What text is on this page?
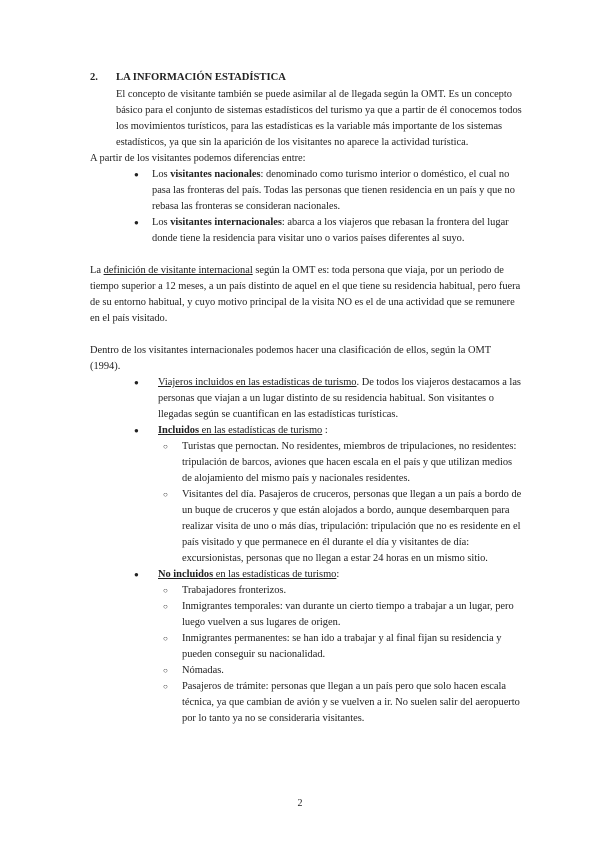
2. LA INFORMACIÓN ESTADÍSTICA

El concepto de visitante también se puede asimilar al de llegada según la OMT. Es un concepto básico para el conjunto de sistemas estadísticos del turismo ya que a partir de él conocemos todos los movimientos turísticos, para las estadísticas es la variable más importante de los sistemas estadísticos, ya que sin la aparición de los visitantes no aparece la actividad turística.

A partir de los visitantes podemos diferencias entre:

● Los visitantes nacionales: denominado como turismo interior o doméstico, el cual no pasa las fronteras del país. Todas las personas que tienen residencia en un país y que no rebasa las fronteras se consideran nacionales.
● Los visitantes internacionales: abarca a los viajeros que rebasan la frontera del lugar donde tiene la residencia para visitar uno o varios países diferentes al suyo.

La definición de visitante internacional según la OMT es: toda persona que viaja, por un periodo de tiempo superior a 12 meses, a un país distinto de aquel en el que tiene su residencia habitual, pero fuera de su entorno habitual, y cuyo motivo principal de la visita NO es el de una actividad que se remunere en el país visitado.

Dentro de los visitantes internacionales podemos hacer una clasificación de ellos, según la OMT (1994).

● Viajeros incluidos en las estadísticas de turismo. De todos los viajeros destacamos a las personas que viajan a un lugar distinto de su residencia habitual. Son visitantes o llegadas según se cuantifican en las estadísticas turísticas.
● Incluidos en las estadísticas de turismo :
○ Turistas que pernoctan. No residentes, miembros de tripulaciones, no residentes: tripulación de barcos, aviones que hacen escala en el país y que utilizan medios de alojamiento del mismo país y nacionales residentes.
○ Visitantes del día. Pasajeros de cruceros, personas que llegan a un país a bordo de un buque de cruceros y que están alojados a bordo, aunque desembarquen para realizar visita de uno o más días, tripulación: tripulación que no es residente en el país visitado y que permanece en él durante el día y visitantes de día: excursionistas, personas que no llegan a estar 24 horas en un mismo sitio.
● No incluidos en las estadísticas de turismo:
○ Trabajadores fronterizos.
○ Inmigrantes temporales: van durante un cierto tiempo a trabajar a un lugar, pero luego vuelven a sus lugares de origen.
○ Inmigrantes permanentes: se han ido a trabajar y al final fijan su residencia y pueden conseguir su nacionalidad.
○ Nómadas.
○ Pasajeros de trámite: personas que llegan a un país pero que solo hacen escala técnica, ya que cambian de avión y se vuelven a ir. No suelen salir del aeropuerto por lo tanto ya no se consideraria visitantes.
2
